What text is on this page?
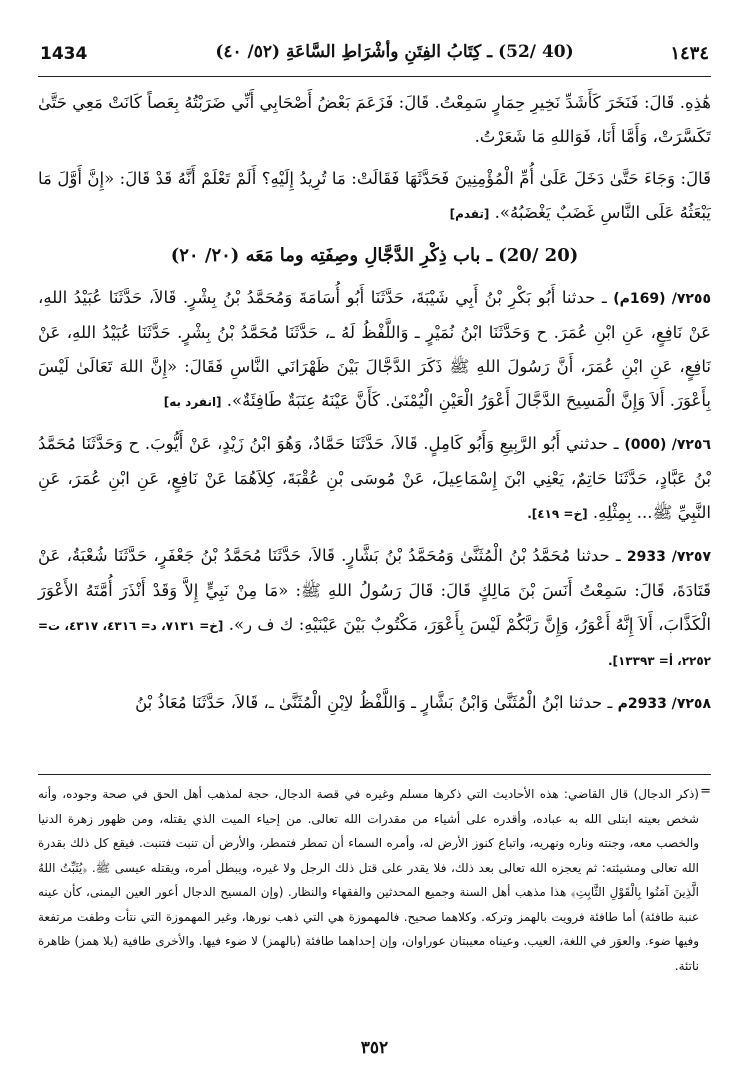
1434	(40 /52) ـ كِتَابُ الفِتَنِ وأشْرَاطِ السَّاعَةِ (٥٢/ ٤٠)	١٤٣٤

هَٰذِهِ. قَالَ: فَنَخَرَ كَأَشَدِّ نَخِيرِ حِمَارٍ سَمِعْتُ. قَالَ: فَزَعَمَ بَعْضُ أَصْحَابِي أَنِّي ضَرَبْتُهُ بِعَصاً كَانَتْ مَعِي حَتَّىٰ تَكَسَّرَتْ، وَأَمَّا أَنَا، فَوَاللهِ مَا شَعَرْتُ.

قَالَ: وَجَاءَ حَتَّىٰ دَخَلَ عَلَىٰ أُمِّ الْمُؤْمِنِينَ فَحَدَّثَهَا فَقَالَتْ: مَا تُرِيدُ إِلَيْهِ؟ أَلَمْ تَعْلَمْ أَنَّهُ قَدْ قَالَ: «إِنَّ أَوَّلَ مَا يَبْعَثُهُ عَلَى النَّاسِ غَضَبٌ يَغْضَبُهُ». [تقدم]

(20 /20) ـ باب ذِكْرِ الدَّجَّالِ وصِفَتِه وما مَعَه (٢٠/ ٢٠)

٧٢٥٥/ (169م) ـ حدثنا أَبُو بَكْرِ بْنُ أَبِي شَيْبَةَ، حَدَّثَنَا أَبُو أُسَامَةَ وَمُحَمَّدُ بْنُ بِشْرٍ. قَالاَ، حَدَّثَنَا عُبَيْدُ اللهِ، عَنْ نَافِعٍ، عَنِ ابْنِ عُمَرَ. ح وَحَدَّثَنَا ابْنُ نُمَيْرٍ ـ وَاللَّفْظُ لَهُ ـ، حَدَّثَنَا مُحَمَّدُ بْنُ بِشْرٍ. حَدَّثَنَا عُبَيْدُ اللهِ، عَنْ نَافِعٍ، عَنِ ابْنِ عُمَرَ، أَنَّ رَسُولَ اللهِ ﷺ ذَكَرَ الدَّجَّالَ بَيْنَ ظَهْرَانَي النَّاسِ فَقَالَ: «إِنَّ اللهَ تَعَالَىٰ لَيْسَ بِأَعْوَرَ. أَلاَ وَإِنَّ الْمَسِيحَ الدَّجَّالَ أَعْوَرُ الْعَيْنِ الْيُمْنَىٰ. كَأَنَّ عَيْنَهُ عِنَبَةٌ طَافِئَةٌ». [انفرد به]

٧٢٥٦/ (000) ـ حدثني أَبُو الرَّبِيعِ وَأَبُو كَامِلٍ. قَالاَ، حَدَّثَنَا حَمَّادٌ، وَهُوَ ابْنُ زَيْدٍ، عَنْ أَيُّوبَ. ح وَحَدَّثَنَا مُحَمَّدُ بْنُ عَبَّادٍ، حَدَّثَنَا حَاتِمٌ، يَعْنِي ابْنَ إِسْمَاعِيلَ، عَنْ مُوسَى بْنِ عُقْبَةَ، كِلاَهُمَا عَنْ نَافِعٍ، عَنِ ابْنِ عُمَرَ، عَنِ النَّبِيِّ ﷺ... بِمِثْلِهِ. [خ= ٤١٩].

٧٢٥٧/ 2933 ـ حدثنا مُحَمَّدُ بْنُ الْمُثَنَّىٰ وَمُحَمَّدُ بْنُ بَشَّارٍ. قَالاَ، حَدَّثَنَا مُحَمَّدُ بْنُ جَعْفَرٍ، حَدَّثَنَا شُعْبَةُ، عَنْ قَتَادَةَ، قَالَ: سَمِعْتُ أَنَسَ بْنَ مَالِكٍ قَالَ: قَالَ رَسُولُ اللهِ ﷺ: «مَا مِنْ نَبِيٍّ إِلاَّ وَقَدْ أَنْذَرَ أُمَّتَهُ الأَعْوَرَ الْكَذَّابَ، أَلاَ إِنَّهُ أَعْوَرُ، وَإِنَّ رَبَّكُمْ لَيْسَ بِأَعْوَرَ، مَكْتُوبٌ بَيْنَ عَيْنَيْهِ: ك ف ر». [خ= ٧١٣١، د= ٤٣١٦، ٤٣١٧، ت= ٢٢٥٢، أ= ١٣٣٩٣].

٧٢٥٨/ 2933م ـ حدثنا ابْنُ الْمُثَنَّىٰ وَابْنُ بَشَّارٍ ـ وَاللَّفْظُ لاِبْنِ الْمُثَنَّىٰ ـ، قَالاَ، حَدَّثَنَا مُعَاذُ بْنُ

=
(ذكر الدجال) قال القاضي: هذه الأحاديث التي ذكرها مسلم وغيره في قصة الدجال، حجة لمذهب أهل الحق في صحة وجوده، وأنه شخص بعينه ابتلى الله به عباده، وأقدره على أشياء من مقدرات الله تعالى. من إحياء الميت الذي يقتله، ومن ظهور زهرة الدنيا والخصب معه، وجنته وناره ونهريه، واتباع كنوز الأرض له، وأمره السماء أن تمطر فتمطر، والأرض أن تنبت فتنبت. فيقع كل ذلك بقدرة الله تعالى ومشيئته: ثم يعجزه الله تعالى بعد ذلك، فلا يقدر على قتل ذلك الرجل ولا غيره، ويبطل أمره، ويقتله عيسى ﷺ. ﴿يُثَبِّتُ اللهُ الَّذِينَ آمَنُوا بِالْقَوْلِ الثَّابِتِ﴾ هذا مذهب أهل السنة وجميع المحدثين والفقهاء والنظار. (وإن المسيح الدجال أعور العين اليمنى، كأن عينه عنبة طافئة) أما طافئة فرويت بالهمز وتركه. وكلاهما صحيح. فالمهموزة هي التي ذهب نورها، وغير المهموزة التي نتأت وطفت مرتفعة وفيها ضوء. والعوَر في اللغة، العيب. وعيناه معيبتان عوراوان، وإن إحداهما طافئة (بالهمز) لا ضوء فيها. والأخرى طافية (بلا همز) ظاهرة ناتئة.
٣٥٢
